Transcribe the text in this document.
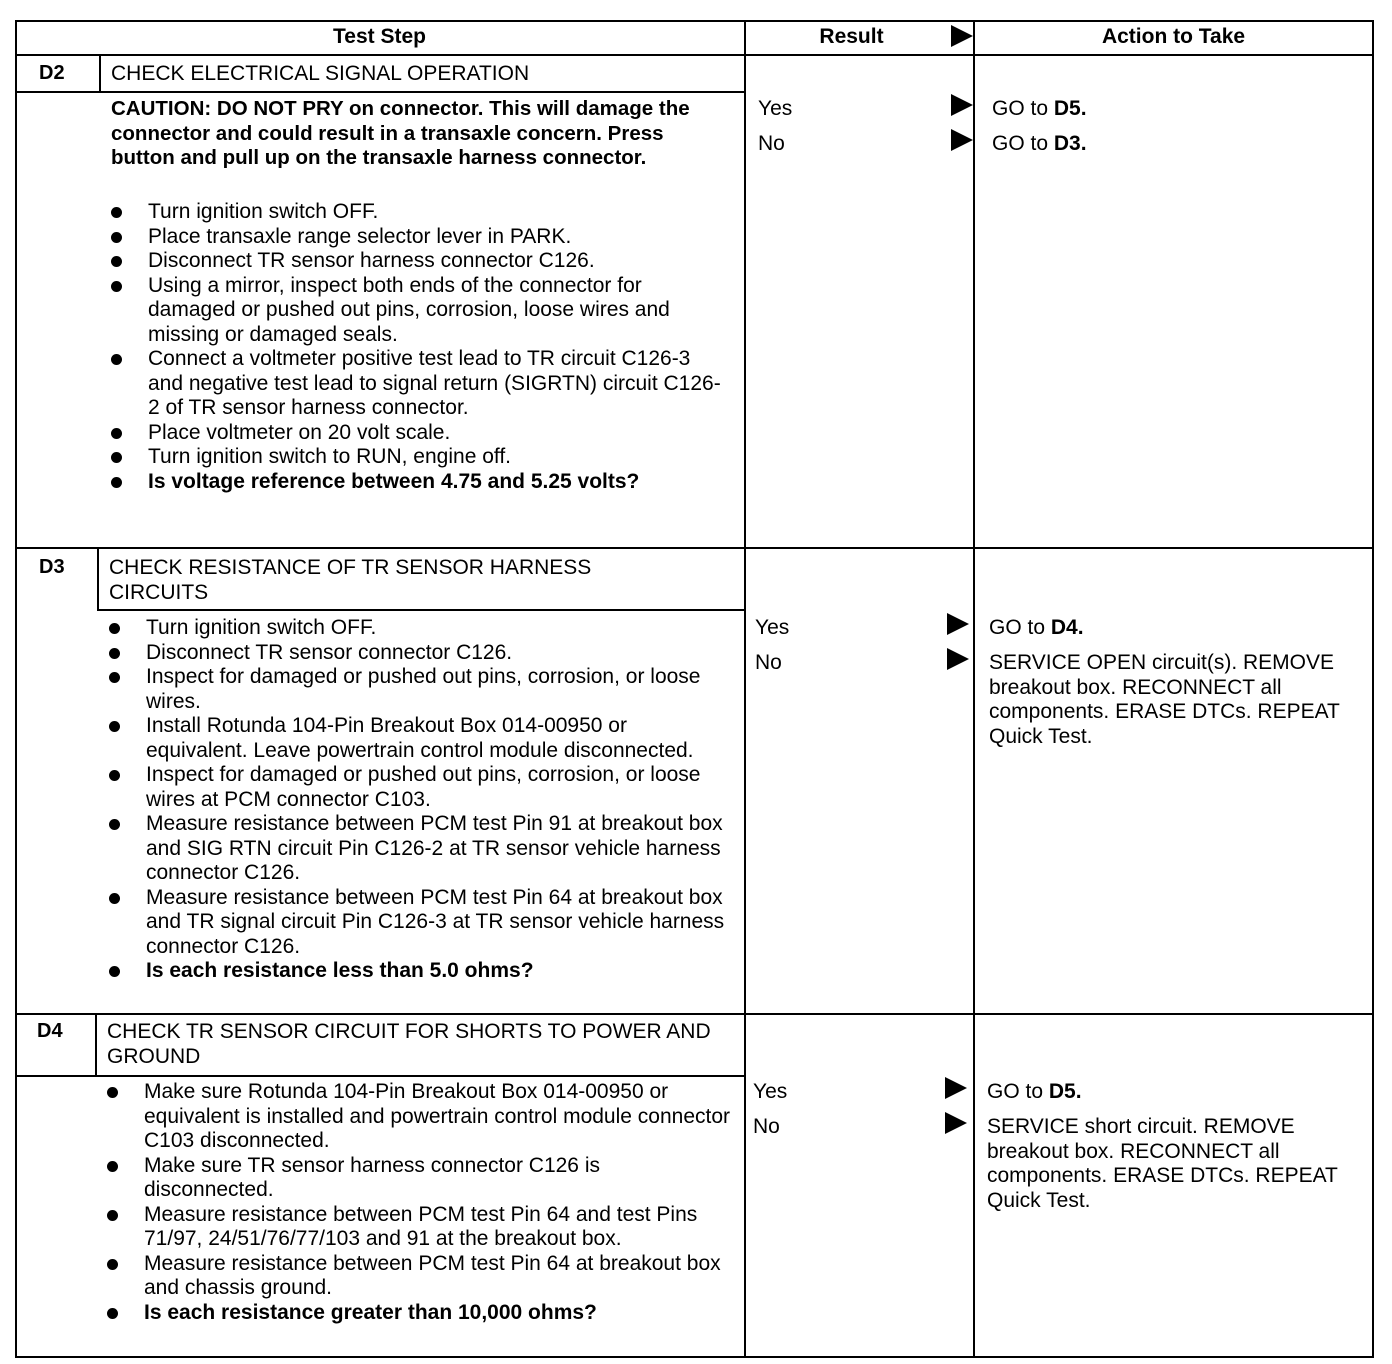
Test Step	Result	Action to Take
D2 CHECK ELECTRICAL SIGNAL OPERATION
CAUTION: DO NOT PRY on connector. This will damage the connector and could result in a transaxle concern. Press button and pull up on the transaxle harness connector.
Turn ignition switch OFF.
Place transaxle range selector lever in PARK.
Disconnect TR sensor harness connector C126.
Using a mirror, inspect both ends of the connector for damaged or pushed out pins, corrosion, loose wires and missing or damaged seals.
Connect a voltmeter positive test lead to TR circuit C126-3 and negative test lead to signal return (SIGRTN) circuit C126-2 of TR sensor harness connector.
Place voltmeter on 20 volt scale.
Turn ignition switch to RUN, engine off.
Is voltage reference between 4.75 and 5.25 volts?
Yes	GO to D5.
No	GO to D3.
D3 CHECK RESISTANCE OF TR SENSOR HARNESS CIRCUITS
Turn ignition switch OFF.
Disconnect TR sensor connector C126.
Inspect for damaged or pushed out pins, corrosion, or loose wires.
Install Rotunda 104-Pin Breakout Box 014-00950 or equivalent. Leave powertrain control module disconnected.
Inspect for damaged or pushed out pins, corrosion, or loose wires at PCM connector C103.
Measure resistance between PCM test Pin 91 at breakout box and SIG RTN circuit Pin C126-2 at TR sensor vehicle harness connector C126.
Measure resistance between PCM test Pin 64 at breakout box and TR signal circuit Pin C126-3 at TR sensor vehicle harness connector C126.
Is each resistance less than 5.0 ohms?
Yes	GO to D4.
No	SERVICE OPEN circuit(s). REMOVE breakout box. RECONNECT all components. ERASE DTCs. REPEAT Quick Test.
D4 CHECK TR SENSOR CIRCUIT FOR SHORTS TO POWER AND GROUND
Make sure Rotunda 104-Pin Breakout Box 014-00950 or equivalent is installed and powertrain control module connector C103 disconnected.
Make sure TR sensor harness connector C126 is disconnected.
Measure resistance between PCM test Pin 64 and test Pins 71/97, 24/51/76/77/103 and 91 at the breakout box.
Measure resistance between PCM test Pin 64 at breakout box and chassis ground.
Is each resistance greater than 10,000 ohms?
Yes	GO to D5.
No	SERVICE short circuit. REMOVE breakout box. RECONNECT all components. ERASE DTCs. REPEAT Quick Test.
